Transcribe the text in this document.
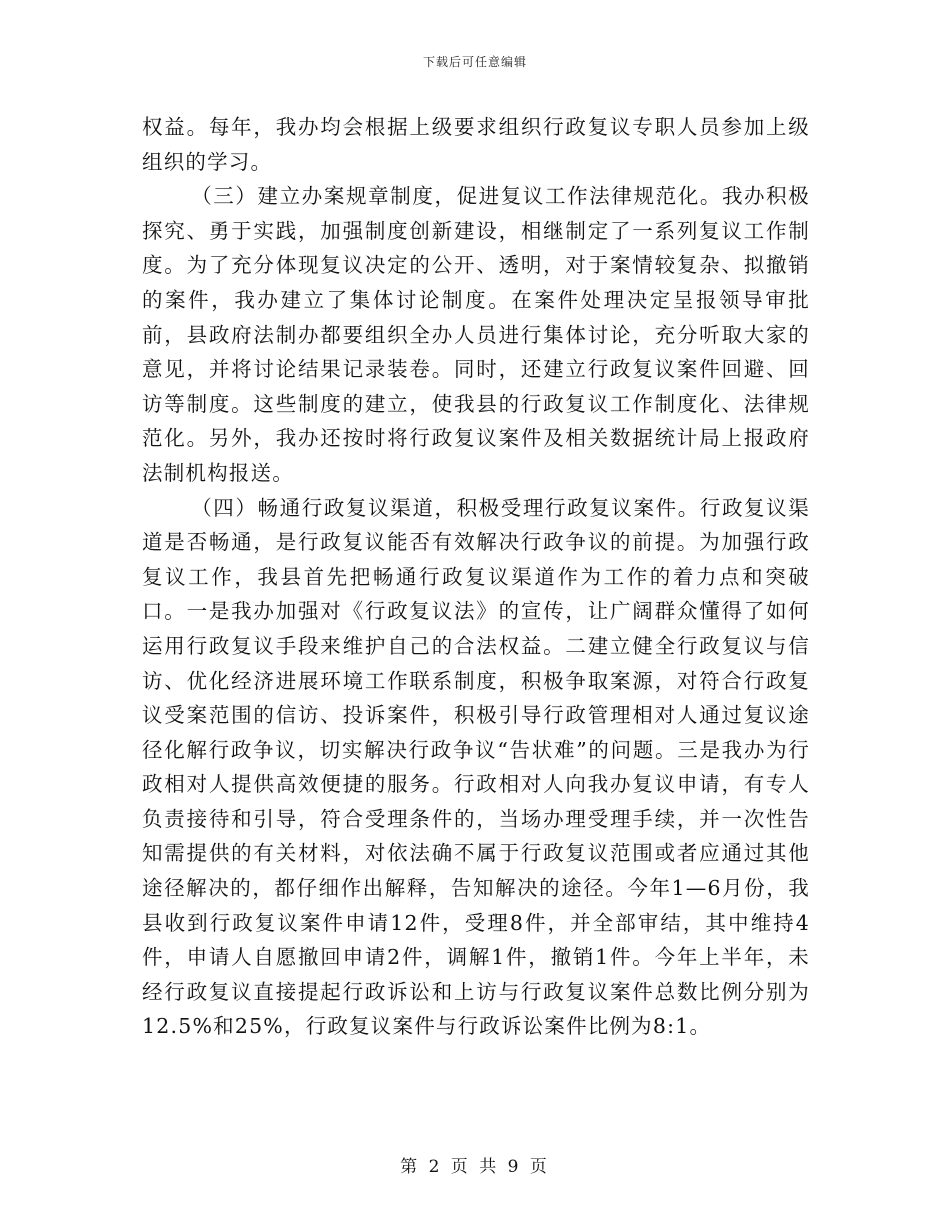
下载后可任意编辑

权益。每年，我办均会根据上级要求组织行政复议专职人员参加上级组织的学习。

（三）建立办案规章制度，促进复议工作法律规范化。我办积极探究、勇于实践，加强制度创新建设，相继制定了一系列复议工作制度。为了充分体现复议决定的公开、透明，对于案情较复杂、拟撤销的案件，我办建立了集体讨论制度。在案件处理决定呈报领导审批前，县政府法制办都要组织全办人员进行集体讨论，充分听取大家的意见，并将讨论结果记录装卷。同时，还建立行政复议案件回避、回访等制度。这些制度的建立，使我县的行政复议工作制度化、法律规范化。另外，我办还按时将行政复议案件及相关数据统计局上报政府法制机构报送。

（四）畅通行政复议渠道，积极受理行政复议案件。行政复议渠道是否畅通，是行政复议能否有效解决行政争议的前提。为加强行政复议工作，我县首先把畅通行政复议渠道作为工作的着力点和突破口。一是我办加强对《行政复议法》的宣传，让广阔群众懂得了如何运用行政复议手段来维护自己的合法权益。二建立健全行政复议与信访、优化经济进展环境工作联系制度，积极争取案源，对符合行政复议受案范围的信访、投诉案件，积极引导行政管理相对人通过复议途径化解行政争议，切实解决行政争议“告状难”的问题。三是我办为行政相对人提供高效便捷的服务。行政相对人向我办复议申请，有专人负责接待和引导，符合受理条件的，当场办理受理手续，并一次性告知需提供的有关材料，对依法确不属于行政复议范围或者应通过其他途径解决的，都仔细作出解释，告知解决的途径。今年1—6月份，我县收到行政复议案件申请12件，受理8件，并全部审结，其中维持4件，申请人自愿撤回申请2件，调解1件，撤销1件。今年上半年，未经行政复议直接提起行政诉讼和上访与行政复议案件总数比例分别为12.5%和25%，行政复议案件与行政诉讼案件比例为8:1。

第 2 页 共 9 页
